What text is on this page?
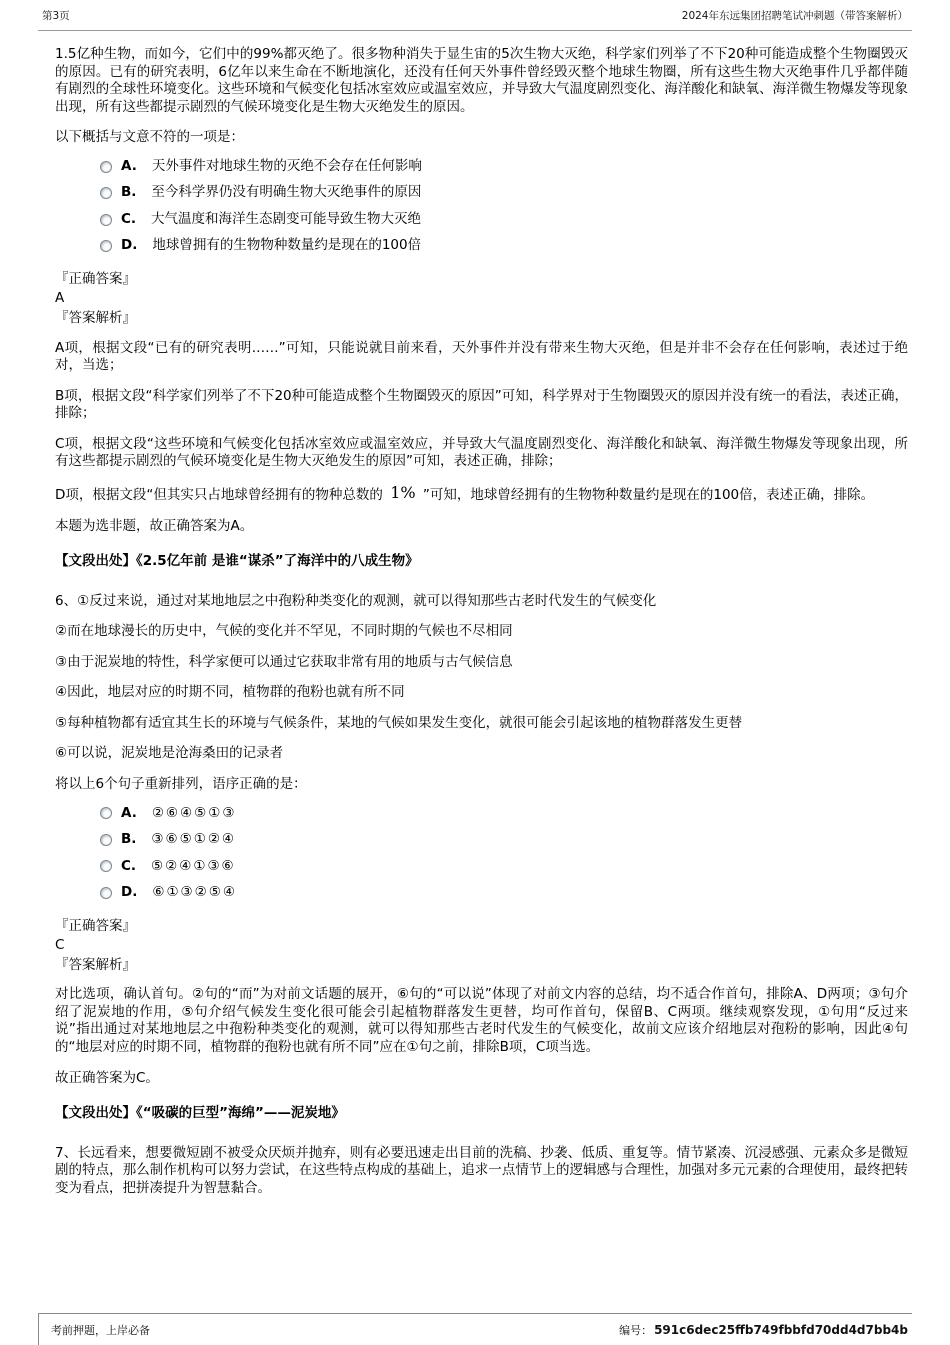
第3页	2024年东远集团招聘笔试冲刺题（带答案解析）

1.5亿种生物，而如今，它们中的99%都灭绝了。很多物种消失于显生宙的5次生物大灭绝，科学家们列举了不下20种可能造成整个生物圈毁灭的原因。已有的研究表明，6亿年以来生命在不断地演化，还没有任何天外事件曾经毁灭整个地球生物圈，所有这些生物大灭绝事件几乎都伴随有剧烈的全球性环境变化。这些环境和气候变化包括冰室效应或温室效应，并导致大气温度剧烈变化、海洋酸化和缺氧、海洋微生物爆发等现象出现，所有这些都提示剧烈的气候环境变化是生物大灭绝发生的原因。

以下概括与文意不符的一项是：

A. 天外事件对地球生物的灭绝不会存在任何影响
B. 至今科学界仍没有明确生物大灭绝事件的原因
C. 大气温度和海洋生态剧变可能导致生物大灭绝
D. 地球曾拥有的生物物种数量约是现在的100倍

『正确答案』

A

『答案解析』

A项，根据文段“已有的研究表明……”可知，只能说就目前来看，天外事件并没有带来生物大灭绝，但是并非不会存在任何影响，表述过于绝对，当选；

B项，根据文段“科学家们列举了不下20种可能造成整个生物圈毁灭的原因”可知，科学界对于生物圈毁灭的原因并没有统一的看法，表述正确，排除；

C项，根据文段“这些环境和气候变化包括冰室效应或温室效应，并导致大气温度剧烈变化、海洋酸化和缺氧、海洋微生物爆发等现象出现，所有这些都提示剧烈的气候环境变化是生物大灭绝发生的原因”可知，表述正确，排除；

D项，根据文段“但其实只占地球曾经拥有的物种总数的 1% ”可知，地球曾经拥有的生物物种数量约是现在的100倍，表述正确，排除。

本题为选非题，故正确答案为A。

【文段出处】《2.5亿年前 是谁“谋杀”了海洋中的八成生物》

6、①反过来说，通过对某地地层之中孢粉种类变化的观测，就可以得知那些古老时代发生的气候变化

②而在地球漫长的历史中，气候的变化并不罕见，不同时期的气候也不尽相同

③由于泥炭地的特性，科学家便可以通过它获取非常有用的地质与古气候信息

④因此，地层对应的时期不同，植物群的孢粉也就有所不同

⑤每种植物都有适宜其生长的环境与气候条件，某地的气候如果发生变化，就很可能会引起该地的植物群落发生更替

⑥可以说，泥炭地是沧海桑田的记录者

将以上6个句子重新排列，语序正确的是：

A. ②⑥④⑤①③
B. ③⑥⑤①②④
C. ⑤②④①③⑥
D. ⑥①③②⑤④

『正确答案』

C

『答案解析』

对比选项，确认首句。②句的“而”为对前文话题的展开，⑥句的“可以说”体现了对前文内容的总结，均不适合作首句，排除A、D两项；③句介绍了泥炭地的作用，⑤句介绍气候发生变化很可能会引起植物群落发生更替，均可作首句，保留B、C两项。继续观察发现，①句用“反过来说”指出通过对某地地层之中孢粉种类变化的观测，就可以得知那些古老时代发生的气候变化，故前文应该介绍地层对孢粉的影响，因此④句的“地层对应的时期不同，植物群的孢粉也就有所不同”应在①句之前，排除B项，C项当选。

故正确答案为C。

【文段出处】《“吸碳的巨型”海绵”——泥炭地》

7、长远看来，想要微短剧不被受众厌烦并抛弃，则有必要迅速走出目前的洗稿、抄袭、低质、重复等。情节紧凑、沉浸感强、元素众多是微短剧的特点，那么制作机构可以努力尝试，在这些特点构成的基础上，追求一点情节上的逻辑感与合理性，加强对多元元素的合理使用，最终把转变为看点，把拼凑提升为智慧黏合。

考前押题，上岸必备	编号： 591c6dec25ffb749fbbfd70dd4d7bb4b
